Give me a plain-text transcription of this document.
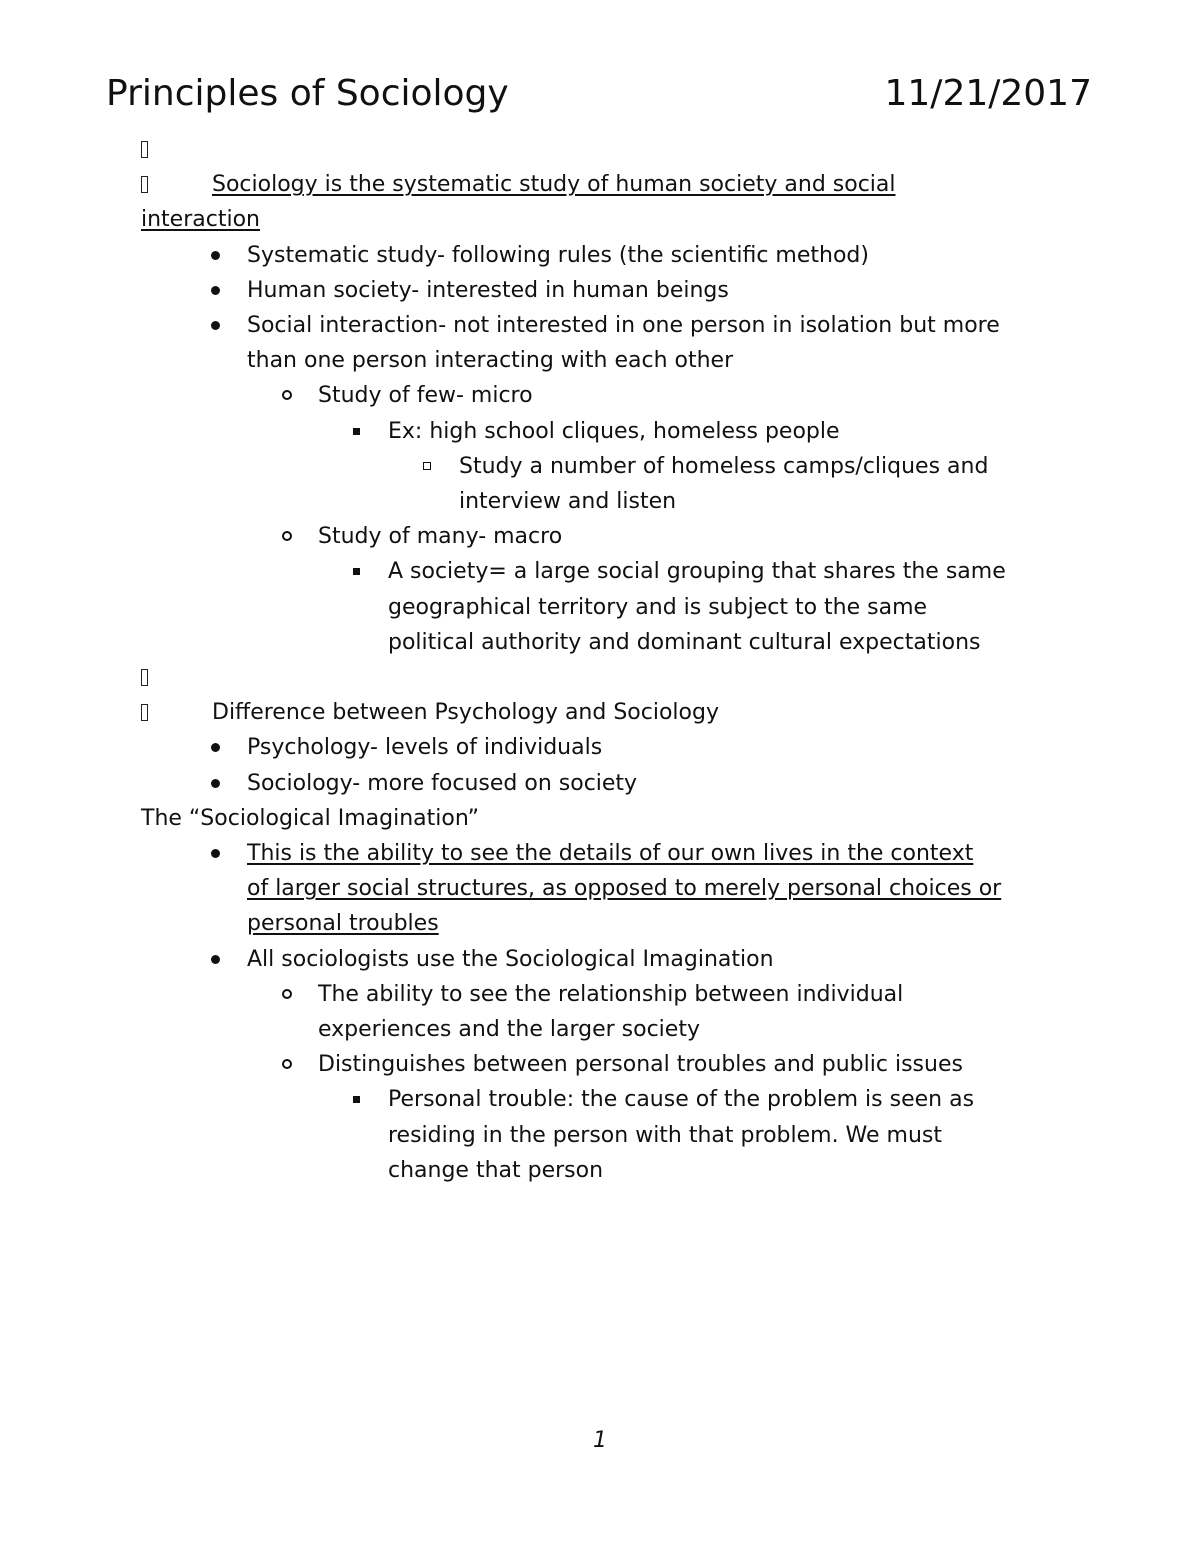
Principles of Sociology	11/21/2017

Sociology is the systematic study of human society and social
interaction
Systematic study- following rules (the scientific method)
Human society- interested in human beings
Social interaction- not interested in one person in isolation but more
than one person interacting with each other
Study of few- micro
Ex: high school cliques, homeless people
Study a number of homeless camps/cliques and
interview and listen
Study of many- macro
A society= a large social grouping that shares the same
geographical territory and is subject to the same
political authority and dominant cultural expectations

Difference between Psychology and Sociology
Psychology- levels of individuals
Sociology- more focused on society
The “Sociological Imagination”
This is the ability to see the details of our own lives in the context
of larger social structures, as opposed to merely personal choices or
personal troubles
All sociologists use the Sociological Imagination
The ability to see the relationship between individual
experiences and the larger society
Distinguishes between personal troubles and public issues
Personal trouble: the cause of the problem is seen as
residing in the person with that problem. We must
change that person
1
